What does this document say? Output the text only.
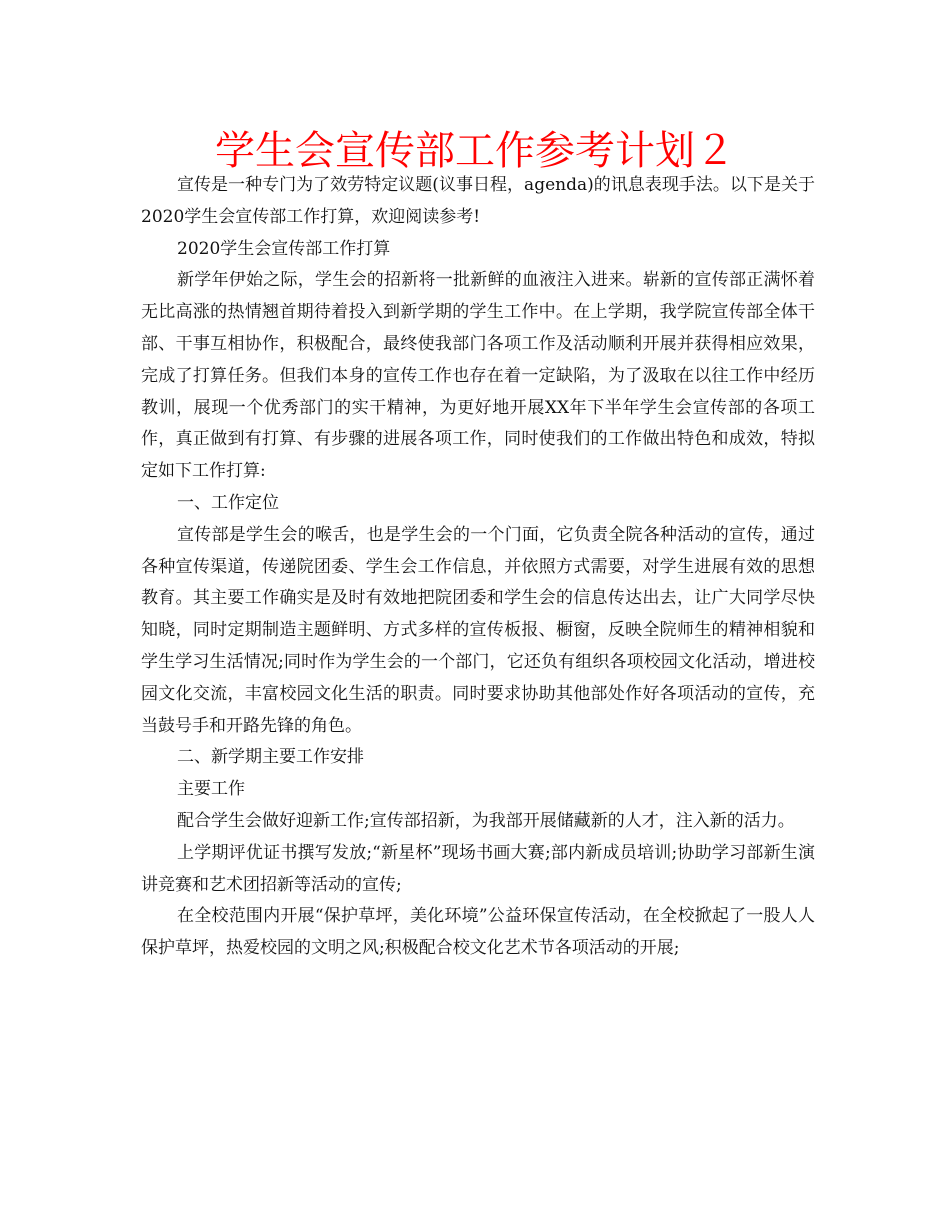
学生会宣传部工作参考计划２

宣传是一种专门为了效劳特定议题(议事日程，agenda)的讯息表现手法。以下是关于2020学生会宣传部工作打算，欢迎阅读参考!

2020学生会宣传部工作打算

新学年伊始之际，学生会的招新将一批新鲜的血液注入进来。崭新的宣传部正满怀着无比高涨的热情翘首期待着投入到新学期的学生工作中。在上学期，我学院宣传部全体干部、干事互相协作，积极配合，最终使我部门各项工作及活动顺利开展并获得相应效果，完成了打算任务。但我们本身的宣传工作也存在着一定缺陷，为了汲取在以往工作中经历教训，展现一个优秀部门的实干精神，为更好地开展XX年下半年学生会宣传部的各项工作，真正做到有打算、有步骤的进展各项工作，同时使我们的工作做出特色和成效，特拟定如下工作打算:

一、工作定位

宣传部是学生会的喉舌，也是学生会的一个门面，它负责全院各种活动的宣传，通过各种宣传渠道，传递院团委、学生会工作信息，并依照方式需要，对学生进展有效的思想教育。其主要工作确实是及时有效地把院团委和学生会的信息传达出去，让广大同学尽快知晓，同时定期制造主题鲜明、方式多样的宣传板报、橱窗，反映全院师生的精神相貌和学生学习生活情况;同时作为学生会的一个部门，它还负有组织各项校园文化活动，增进校园文化交流，丰富校园文化生活的职责。同时要求协助其他部处作好各项活动的宣传，充当鼓号手和开路先锋的角色。

二、新学期主要工作安排

主要工作

配合学生会做好迎新工作;宣传部招新，为我部开展储藏新的人才，注入新的活力。

上学期评优证书撰写发放;“新星杯”现场书画大赛;部内新成员培训;协助学习部新生演讲竞赛和艺术团招新等活动的宣传;

在全校范围内开展“保护草坪，美化环境”公益环保宣传活动，在全校掀起了一股人人保护草坪，热爱校园的文明之风;积极配合校文化艺术节各项活动的开展;
